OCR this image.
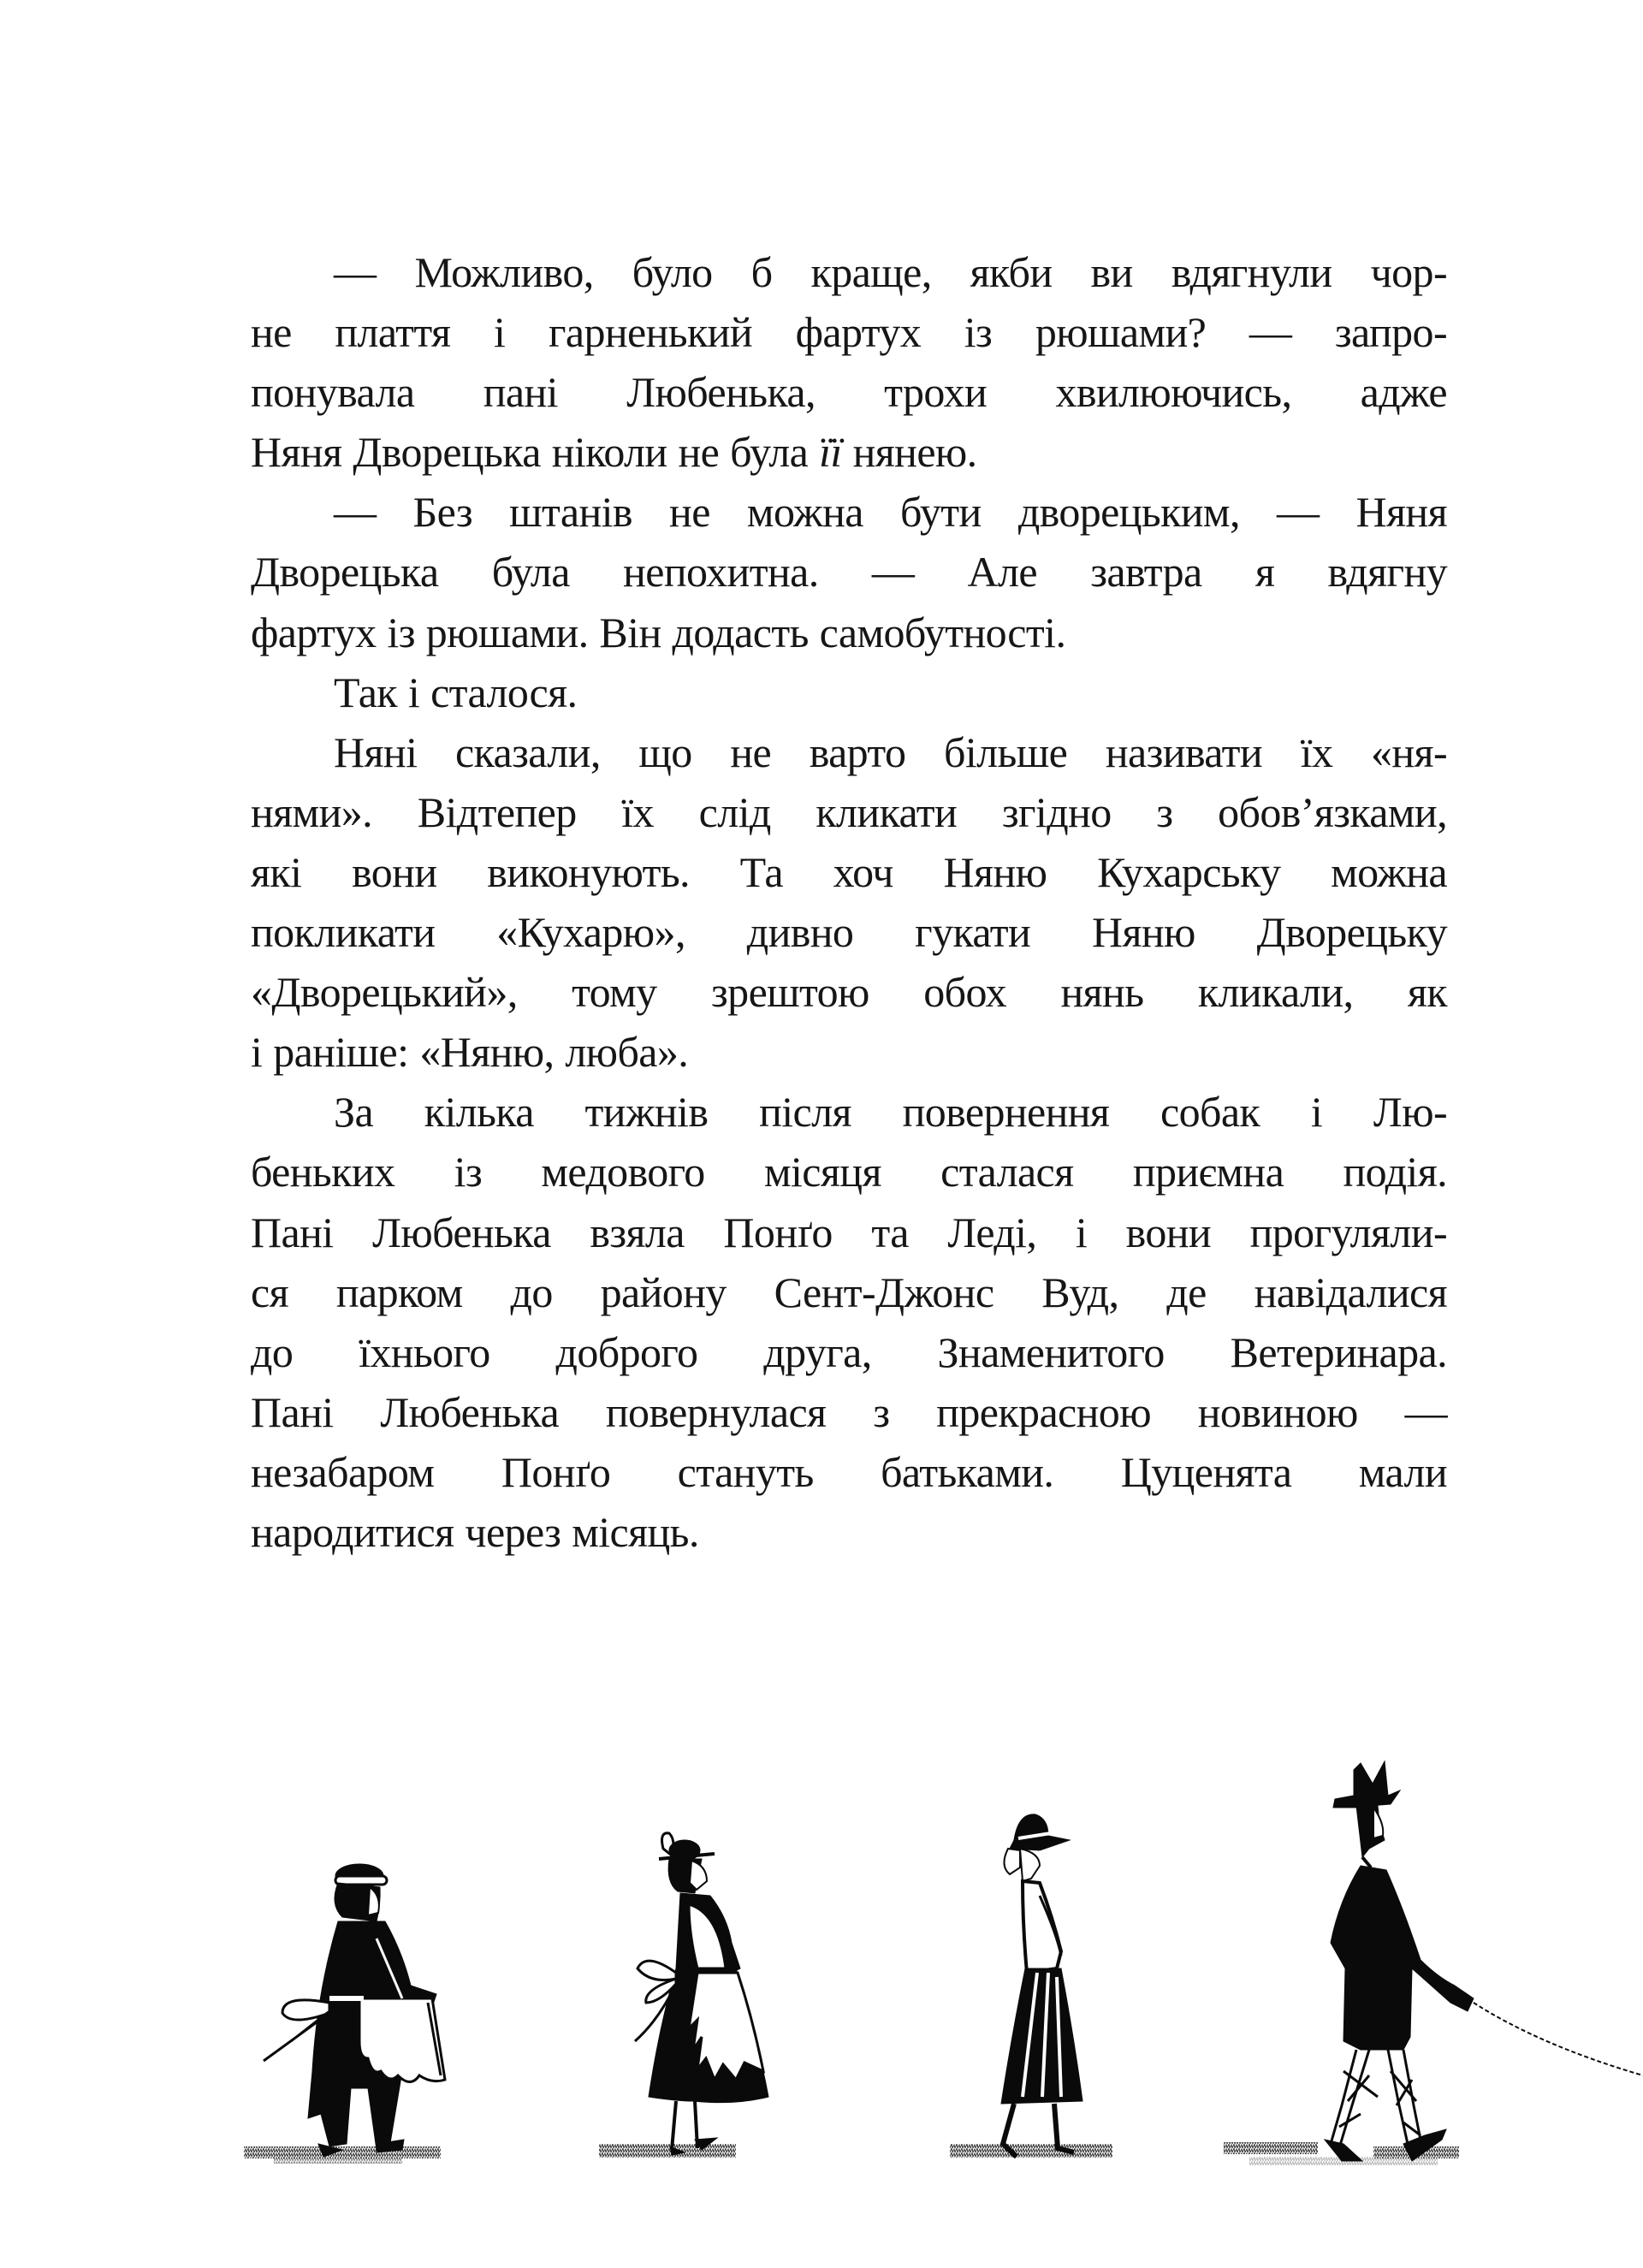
— Можливо, було б краще, якби ви вдягнули чор-
не плаття і гарненький фартух із рюшами? — запро-
понувала пані Любенька, трохи хвилюючись, адже
Няня Дворецька ніколи не була її нянею.
— Без штанів не можна бути дворецьким, — Няня
Дворецька була непохитна. — Але завтра я вдягну
фартух із рюшами. Він додасть самобутності.
Так і сталося.
Няні сказали, що не варто більше називати їх «ня-
нями». Відтепер їх слід кликати згідно з обов’язками,
які вони виконують. Та хоч Няню Кухарську можна
покликати «Кухарю», дивно гукати Няню Дворецьку
«Дворецький», тому зрештою обох нянь кликали, як
і раніше: «Няню, люба».
За кілька тижнів після повернення собак і Лю-
беньких із медового місяця сталася приємна подія.
Пані Любенька взяла Понґо та Леді, і вони прогуляли-
ся парком до району Сент-Джонс Вуд, де навідалися
до їхнього доброго друга, Знаменитого Ветеринара.
Пані Любенька повернулася з прекрасною новиною —
незабаром Понґо стануть батьками. Цуценята мали
народитися через місяць.
